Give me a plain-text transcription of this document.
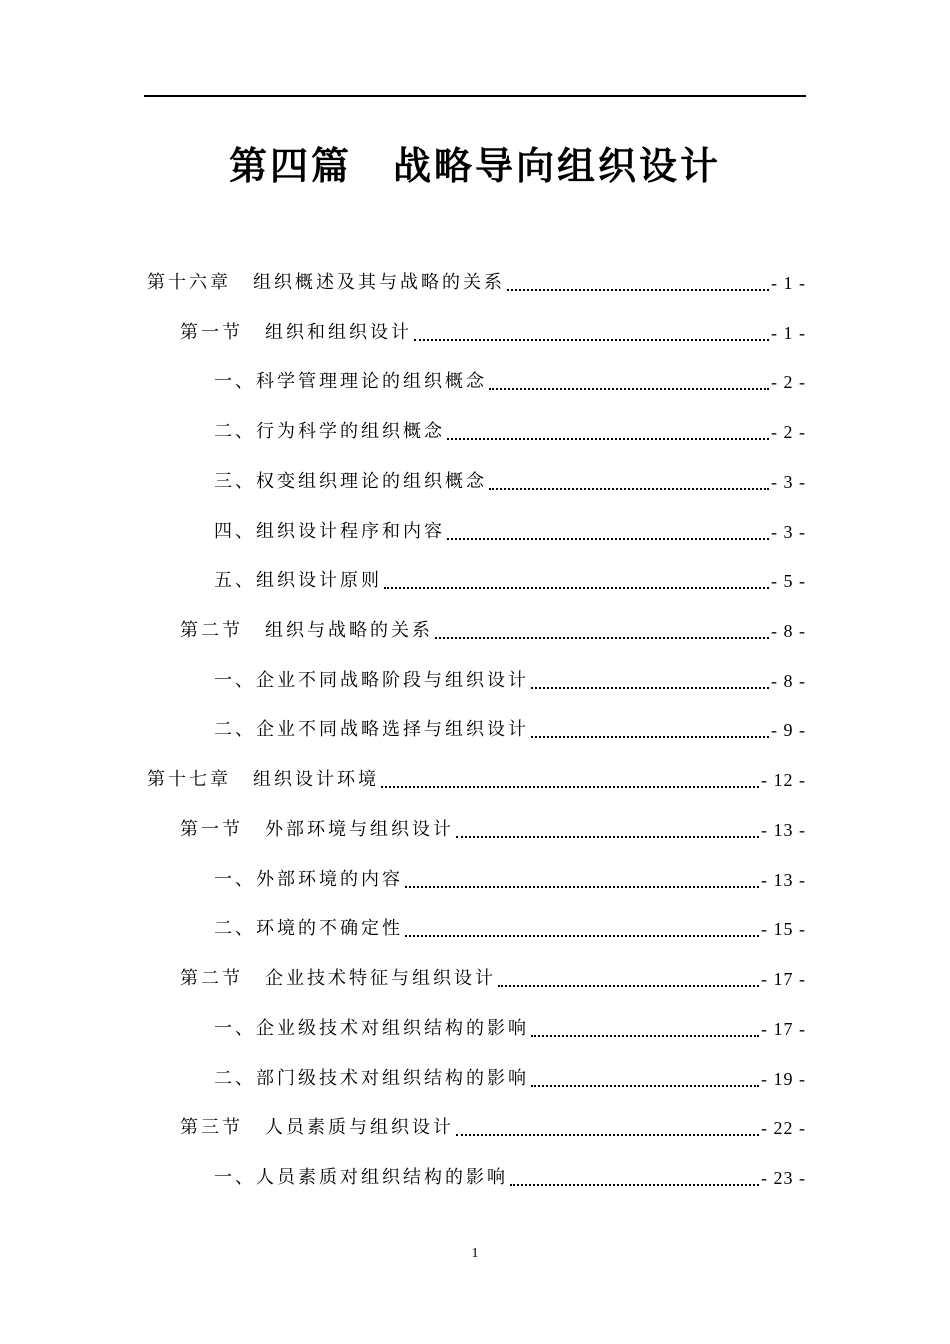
第四篇　战略导向组织设计
第十六章 组织概述及其与战略的关系	- 1 -
第一节 组织和组织设计	- 1 -
一、 科学管理理论的组织概念	- 2 -
二、 行为科学的组织概念	- 2 -
三、 权变组织理论的组织概念	- 3 -
四、 组织设计程序和内容	- 3 -
五、 组织设计原则	- 5 -
第二节 组织与战略的关系	- 8 -
一、 企业不同战略阶段与组织设计	- 8 -
二、 企业不同战略选择与组织设计	- 9 -
第十七章 组织设计环境	- 12 -
第一节 外部环境与组织设计	- 13 -
一、 外部环境的内容	- 13 -
二、 环境的不确定性	- 15 -
第二节 企业技术特征与组织设计	- 17 -
一、 企业级技术对组织结构的影响	- 17 -
二、 部门级技术对组织结构的影响	- 19 -
第三节 人员素质与组织设计	- 22 -
一、 人员素质对组织结构的影响	- 23 -
1
